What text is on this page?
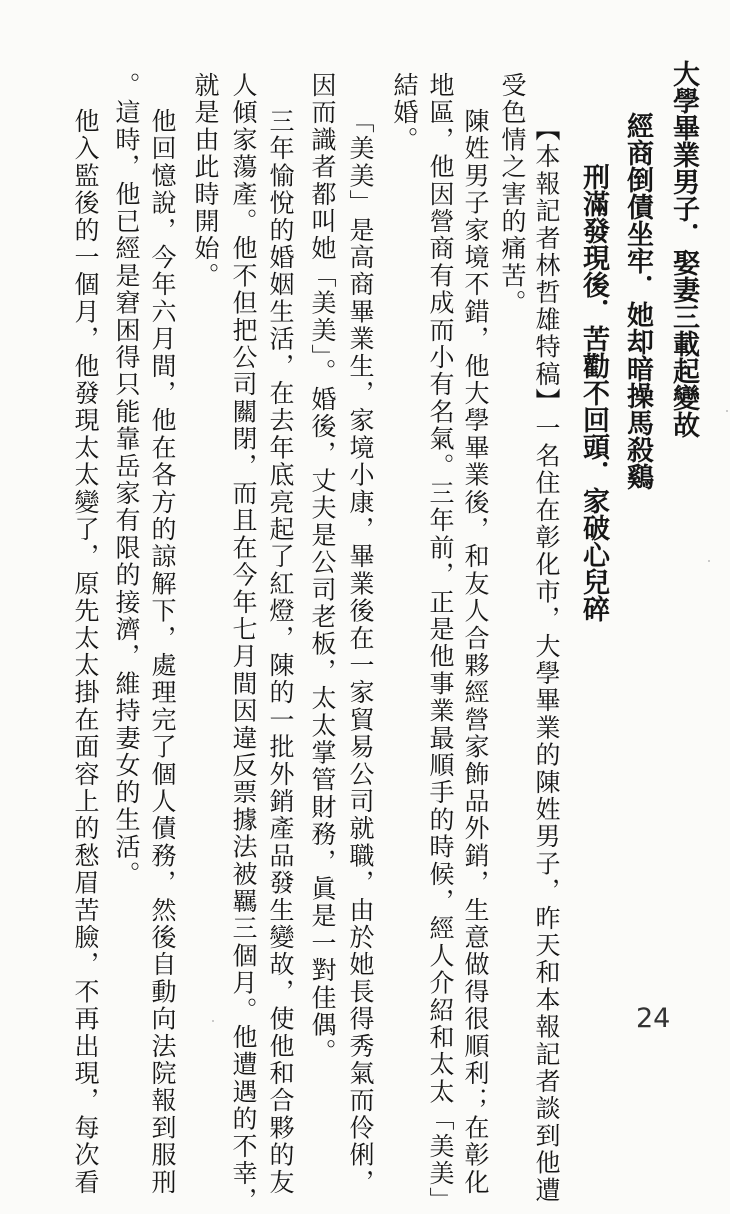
大學畢業男子．娶妻三載起變故
經商倒債坐牢．她却暗操馬殺鷄
刑滿發現後．苦勸不回頭．家破心兒碎
【本報記者林哲雄特稿】一名住在彰化市，大學畢業的陳姓男子，昨天和本報記者談到他遭
受色情之害的痛苦。
陳姓男子家境不錯，他大學畢業後，和友人合夥經營家飾品外銷，生意做得很順利；在彰化
地區，他因營商有成而小有名氣。三年前，正是他事業最順手的時候，經人介紹和太太「美美」
結婚。
「美美」是高商畢業生，家境小康，畢業後在一家貿易公司就職，由於她長得秀氣而伶俐，
因而識者都叫她「美美」。婚後，丈夫是公司老板，太太掌管財務，眞是一對佳偶。
三年愉悅的婚姻生活，在去年底亮起了紅燈，陳的一批外銷產品發生變故，使他和合夥的友
人傾家蕩產。他不但把公司關閉，而且在今年七月間因違反票據法被羈三個月。他遭遇的不幸，
就是由此時開始。
他回憶說，今年六月間，他在各方的諒解下，處理完了個人債務，然後自動向法院報到服刑
。這時，他已經是窘困得只能靠岳家有限的接濟，維持妻女的生活。
他入監後的一個月，他發現太太變了，原先太太掛在面容上的愁眉苦臉，不再出現，每次看	24
